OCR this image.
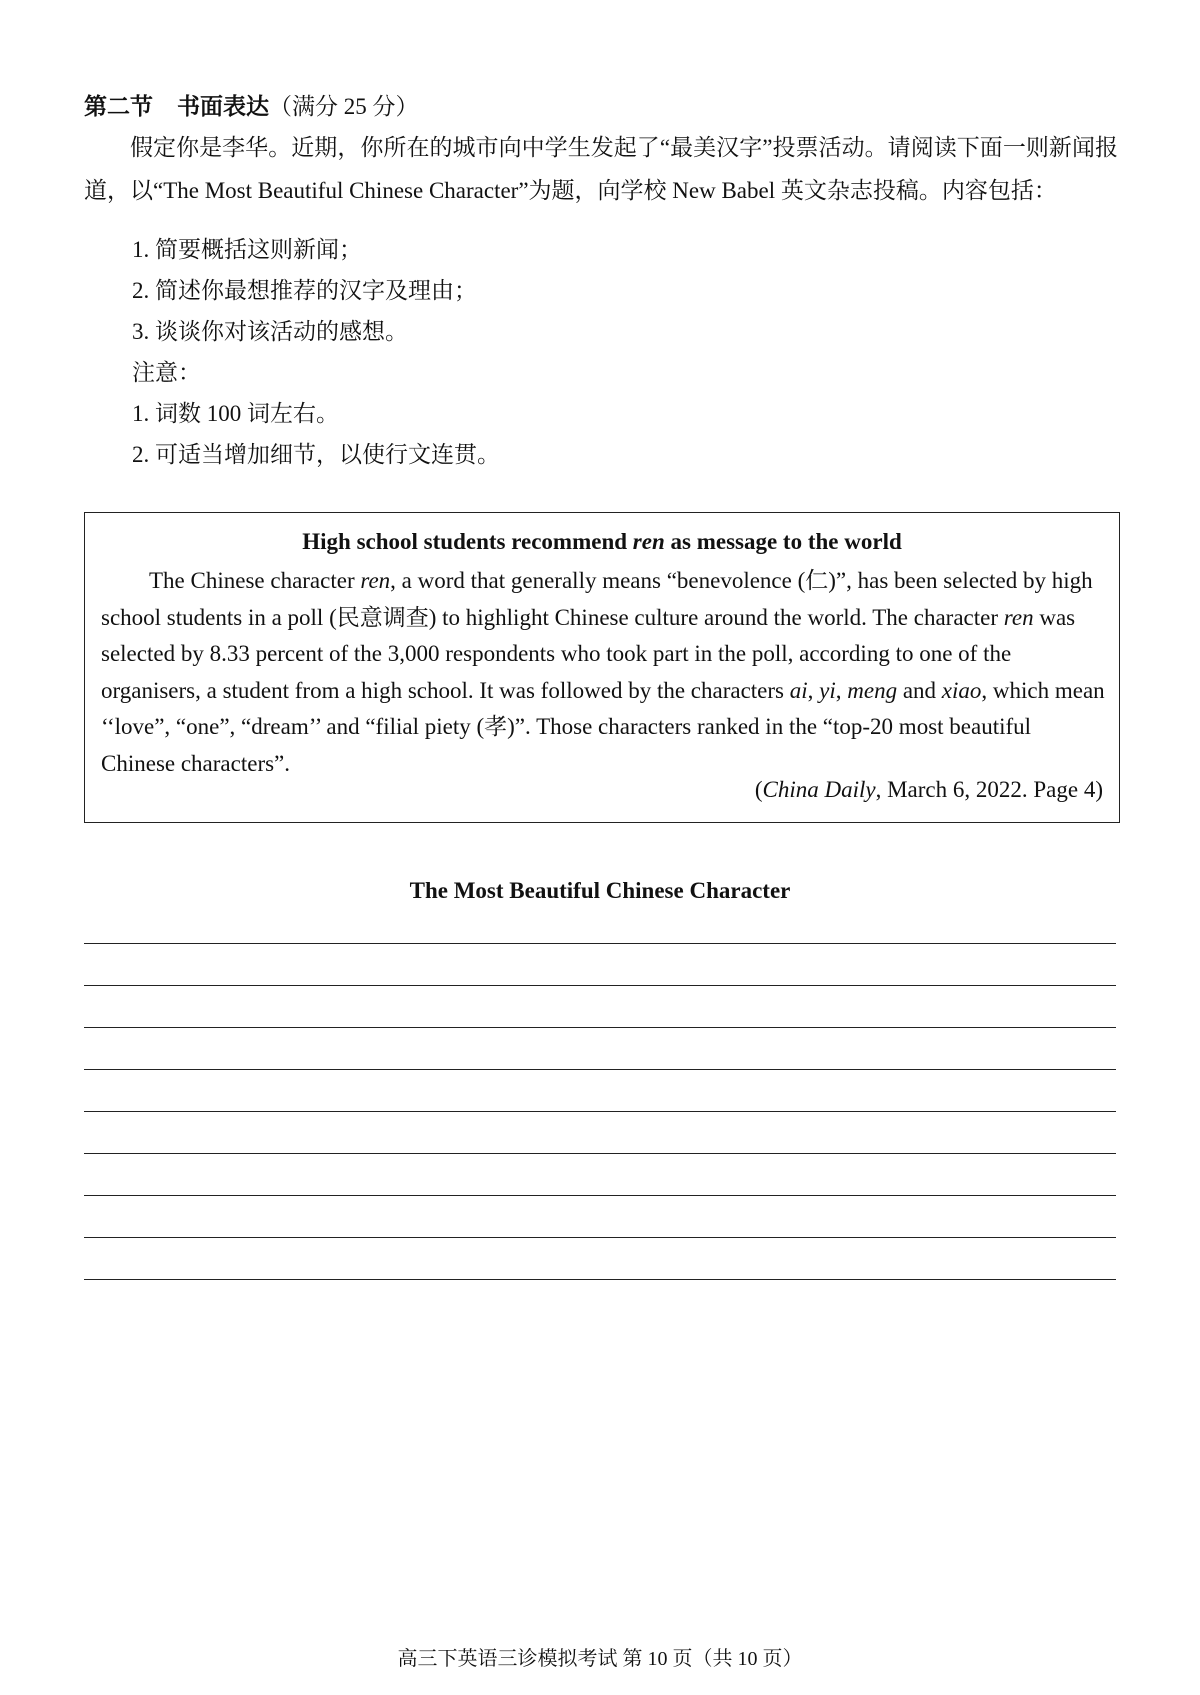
第二节 书面表达（满分 25 分）

假定你是李华。近期，你所在的城市向中学生发起了“最美汉字”投票活动。请阅读下面一则新闻报道，以“The Most Beautiful Chinese Character”为题，向学校 New Babel 英文杂志投稿。内容包括：

1. 简要概括这则新闻；
2. 简述你最想推荐的汉字及理由；
3. 谈谈你对该活动的感想。
注意：
1. 词数 100 词左右。
2. 可适当增加细节，以使行文连贯。
High school students recommend ren as message to the world

The Chinese character ren, a word that generally means “benevolence (仁)”, has been selected by high school students in a poll (民意调查) to highlight Chinese culture around the world. The character ren was selected by 8.33 percent of the 3,000 respondents who took part in the poll, according to one of the organisers, a student from a high school. It was followed by the characters ai, yi, meng and xiao, which mean ‘‘love”, “one”, “dream’’ and “filial piety (孝)”. Those characters ranked in the “top-20 most beautiful Chinese characters”.

(China Daily, March 6, 2022. Page 4)
The Most Beautiful Chinese Character
高三下英语三诊模拟考试 第 10 页（共 10 页）
